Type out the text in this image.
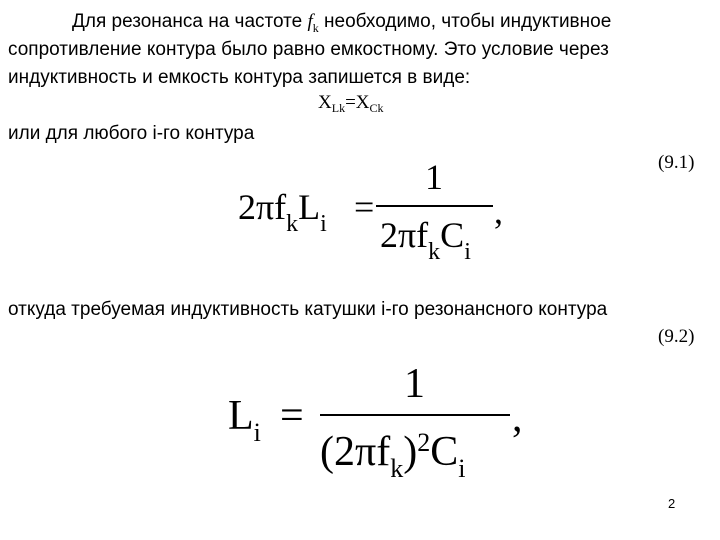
Для резонанса на частоте $f_k$ необходимо, чтобы индуктивное
сопротивление контура было равно емкостному. Это условие через
индуктивность и емкость контура запишется в виде:
$X_{Lk}=X_{Ck}$
или для любого i-го контура
(9.1)
$2\pi f_kL_i$ =
1
$2\pi f_kC_i$
,
откуда требуемая индуктивность катушки i-го резонансного контура
(9.2)
$L_i$ =
1
$(2\pi f_k)^2C_i$
,
2
